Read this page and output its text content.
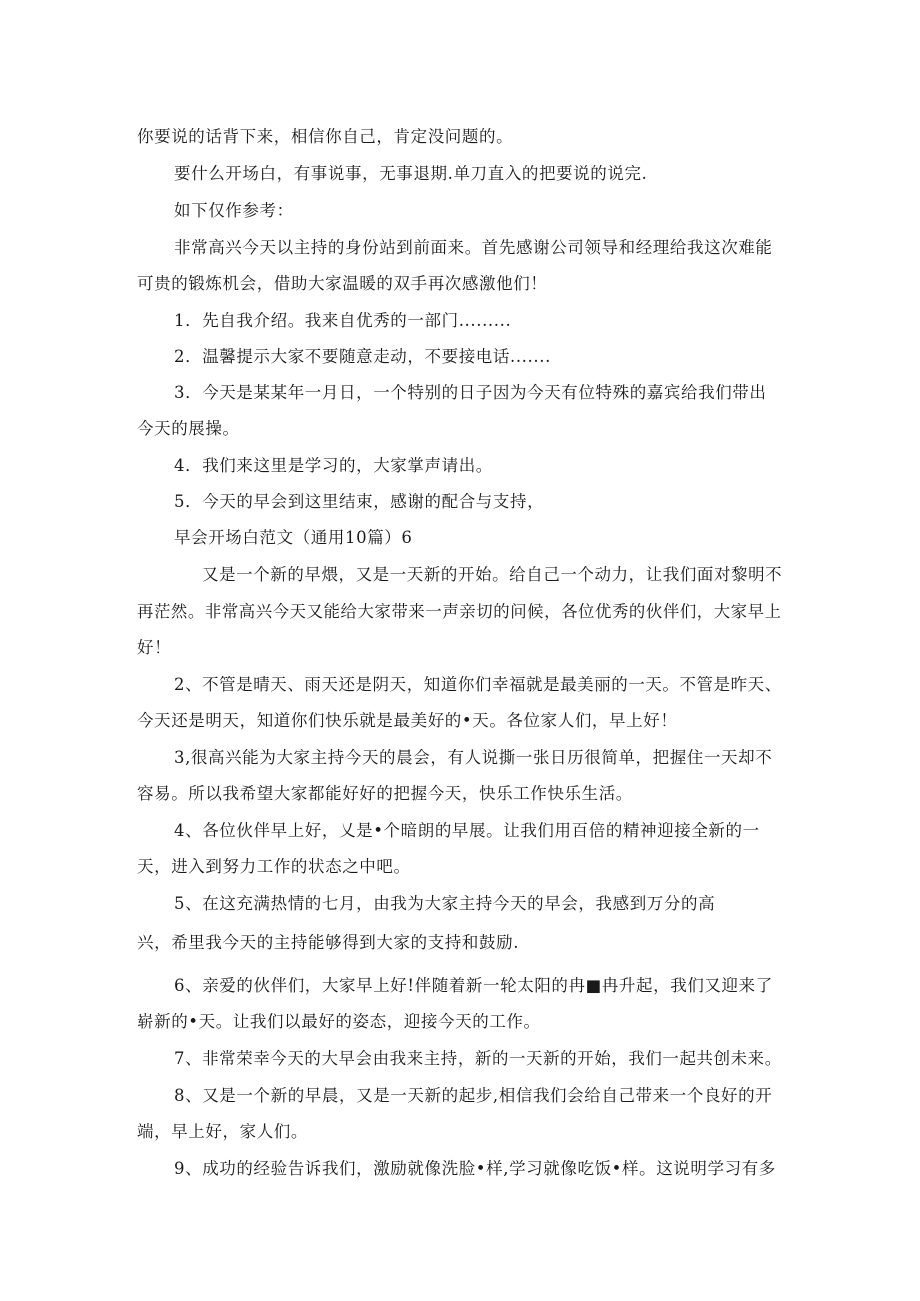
你要说的话背下来，相信你自己，肯定没问题的。
要什么开场白，有事说事，无事退期.单刀直入的把要说的说完.
如下仅作参考：
非常高兴今天以主持的身份站到前面来。首先感谢公司领导和经理给我这次难能
可贵的锻炼机会，借助大家温暖的双手再次感激他们！
1．先自我介绍。我来自优秀的一部门.........
2．温馨提示大家不要随意走动，不要接电话.......
3．今天是某某年一月日，一个特别的日子因为今天有位特殊的嘉宾给我们带出
今天的展操。
4．我们来这里是学习的，大家掌声请出。
5．今天的早会到这里结束，感谢的配合与支持，
早会开场白范文（通用10篇）6
又是一个新的早煨，又是一天新的开始。给自己一个动力，让我们面对黎明不
再茫然。非常高兴今天又能给大家带来一声亲切的问候，各位优秀的伙伴们，大家早上
好！
2、不管是晴天、雨天还是阴天，知道你们幸福就是最美丽的一天。不管是昨天、
今天还是明天，知道你们快乐就是最美好的•天。各位家人们，早上好！
3,很高兴能为大家主持今天的晨会，有人说撕一张日历很简单，把握住一天却不
容易。所以我希望大家都能好好的把握今天，快乐工作快乐生活。
4、各位伙伴早上好，乂是•个暗朗的早展。让我们用百倍的精神迎接全新的一
天，进入到努力工作的状态之中吧。
5、在这充满热情的七月，由我为大家主持今天的早会，我感到万分的高
兴，希里我今天的主持能够得到大家的支持和鼓励.
6、亲爱的伙伴们，大家早上好!伴随着新一轮太阳的冉■冉升起，我们又迎来了
崭新的•天。让我们以最好的姿态，迎接今天的工作。
7、非常荣幸今天的大早会由我来主持，新的一天新的开始，我们一起共创未来。
8、又是一个新的早晨，又是一天新的起步,相信我们会给自己带来一个良好的开
端，早上好，家人们。
9、成功的经验告诉我们，激励就像洗脸•样,学习就像吃饭•样。这说明学习有多
